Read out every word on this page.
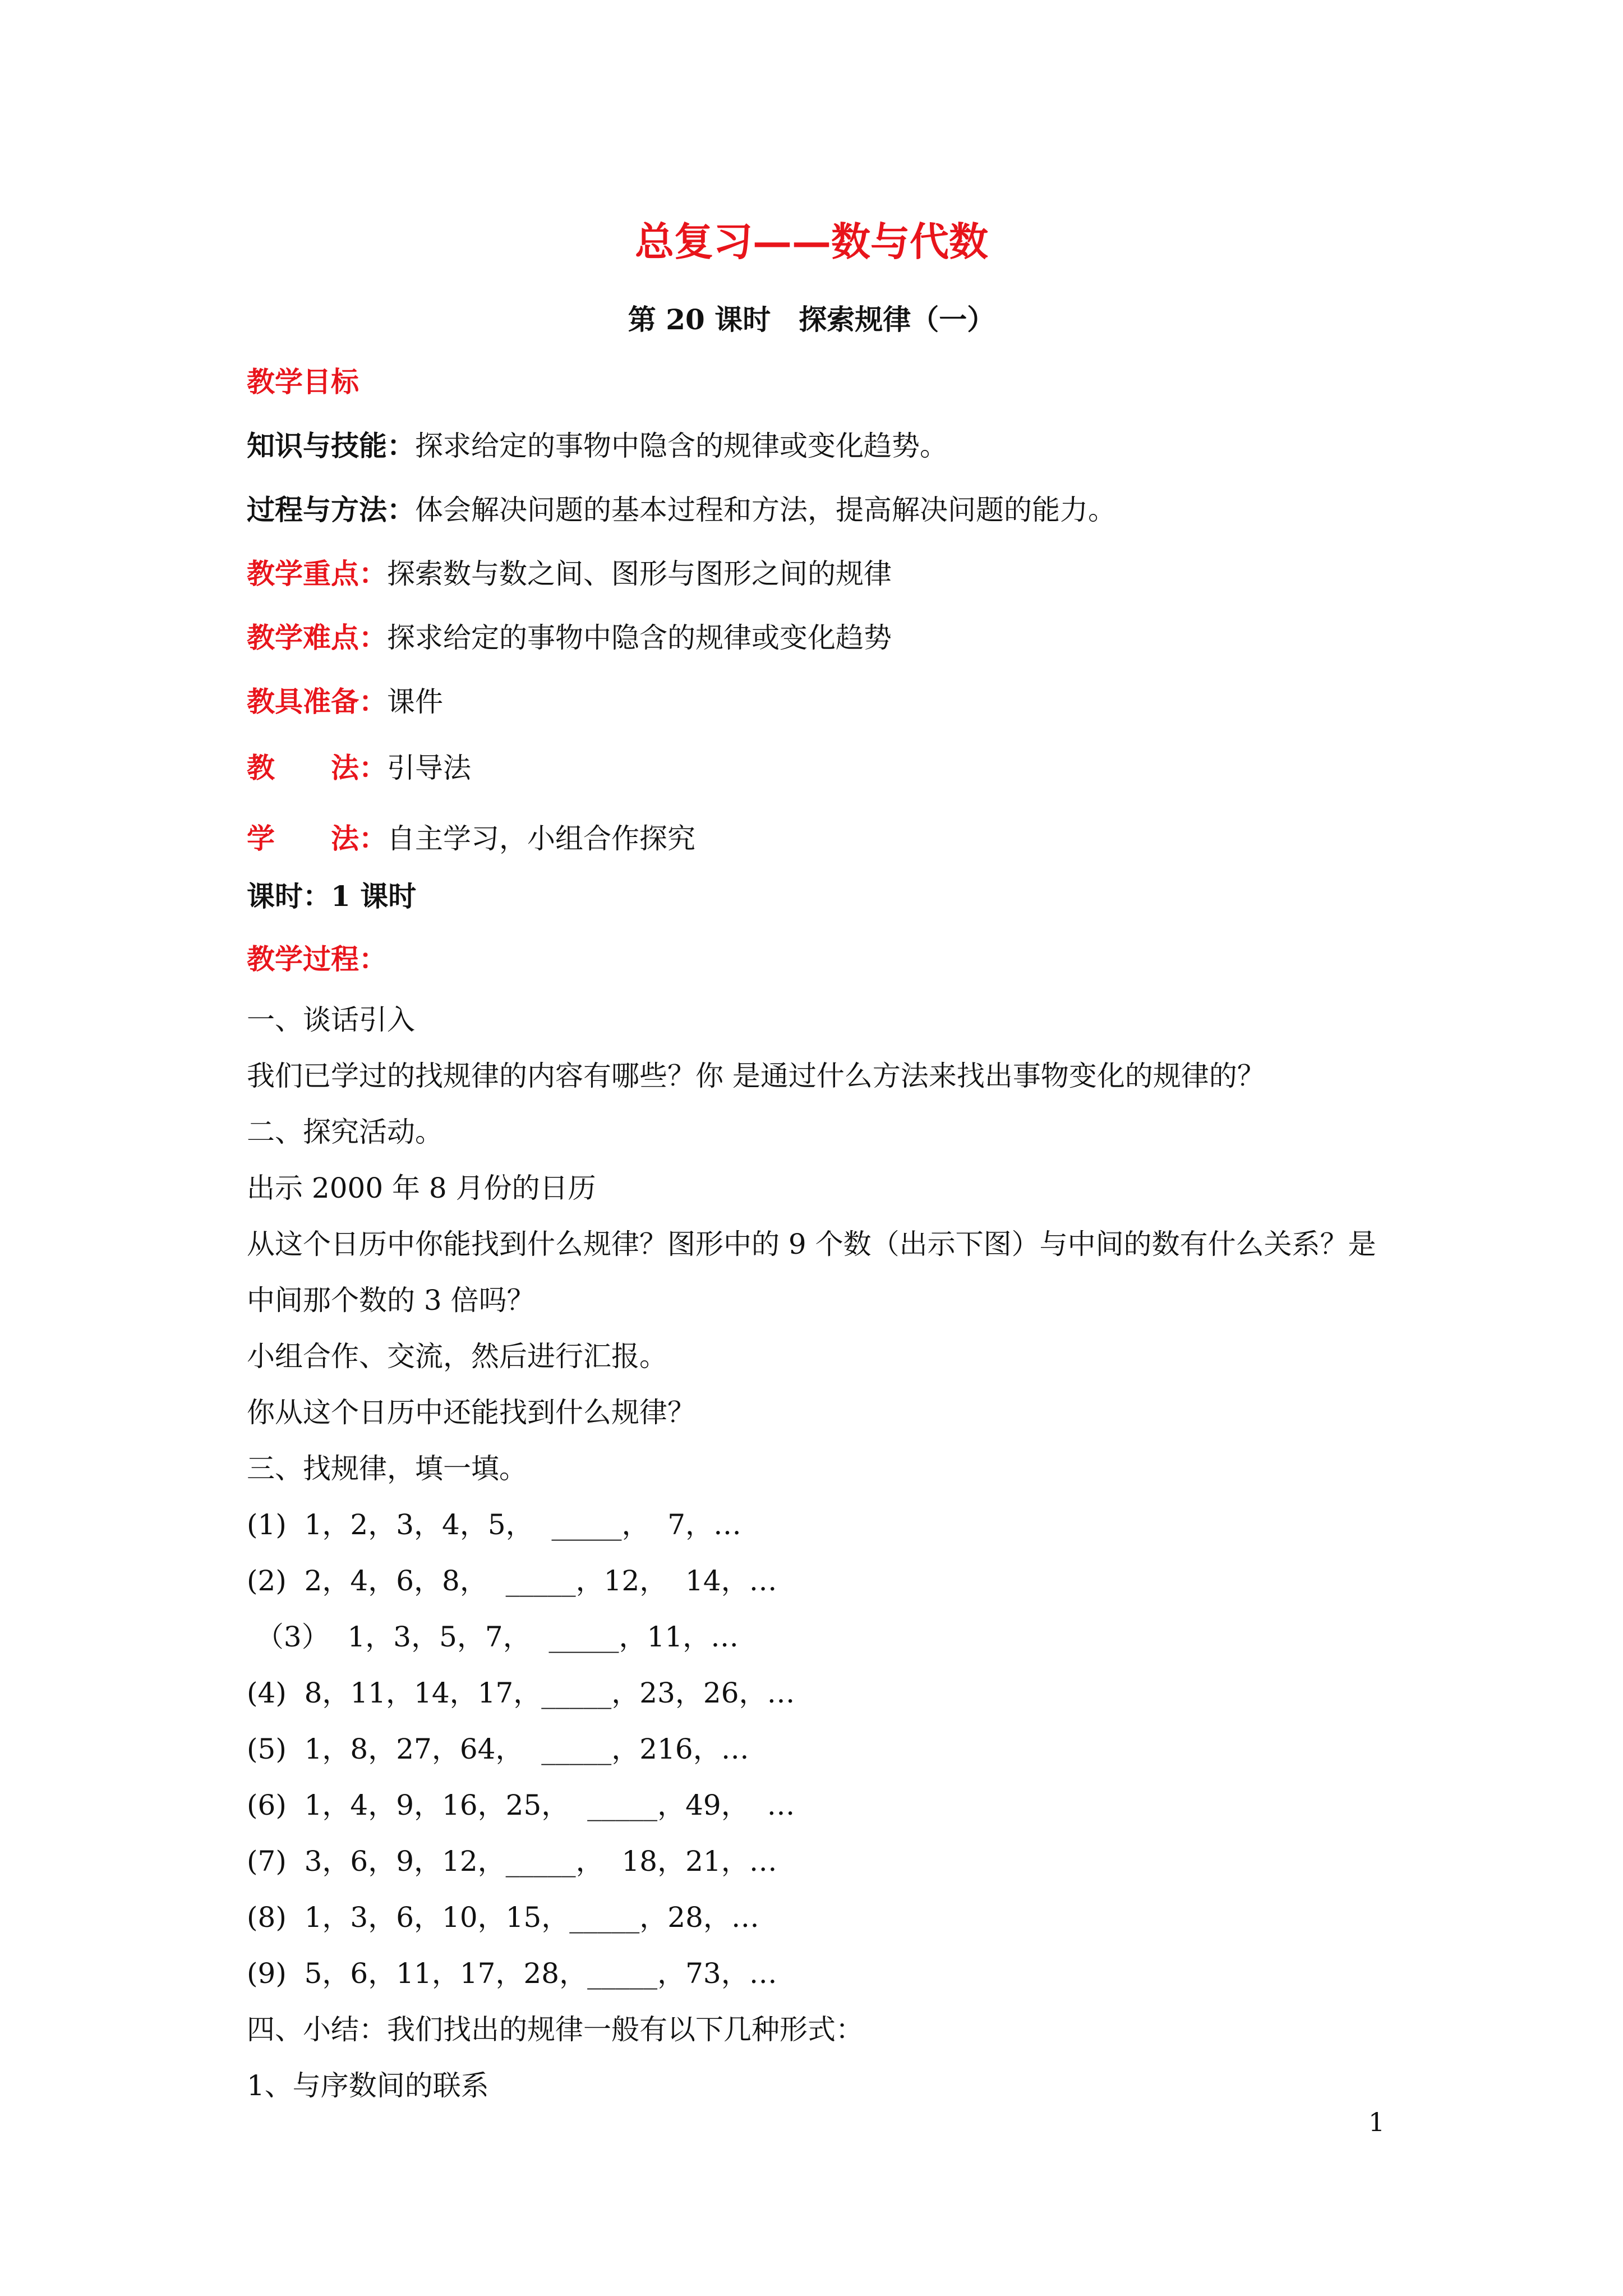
总复习——数与代数
第 20 课时　探索规律（一）
教学目标
知识与技能：探求给定的事物中隐含的规律或变化趋势。
过程与方法：体会解决问题的基本过程和方法，提高解决问题的能力。
教学重点：探索数与数之间、图形与图形之间的规律
教学难点：探求给定的事物中隐含的规律或变化趋势
教具准备：课件
教　　法：引导法
学　　法：自主学习，小组合作探究
课时：1 课时
教学过程：
一、谈话引入
我们已学过的找规律的内容有哪些？你 是通过什么方法来找出事物变化的规律的？
二、探究活动。
出示 2000 年 8 月份的日历
从这个日历中你能找到什么规律？图形中的 9 个数（出示下图）与中间的数有什么关系？是
中间那个数的 3 倍吗？
小组合作、交流，然后进行汇报。
你从这个日历中还能找到什么规律？
三、找规律，填一填。
(1)  1，2，3，4，5，  _____，  7，…
(2)  2，4，6，8，  _____，12，  14，…
（3）  1，3，5，7，  _____，11，…
(4)  8，11，14，17，_____，23，26，…
(5)  1，8，27，64，  _____，216，…
(6)  1，4，9，16，25，  _____，49，  …
(7)  3，6，9，12，_____，  18，21，…
(8)  1，3，6，10，15，_____，28，…
(9)  5，6，11，17，28，_____，73，…
四、小结：我们找出的规律一般有以下几种形式：
1、与序数间的联系
1
